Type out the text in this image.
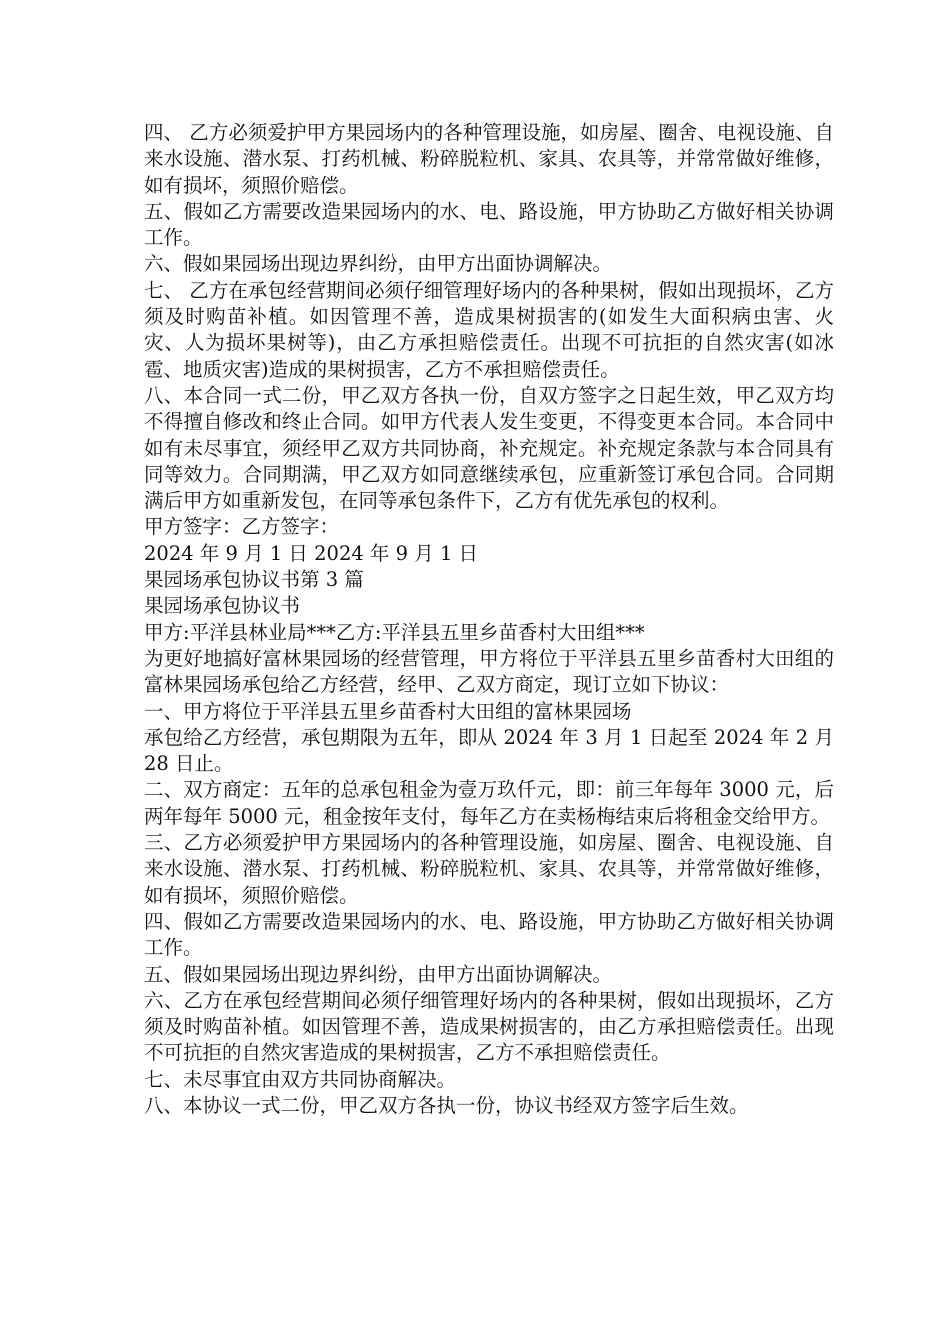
四、 乙方必须爱护甲方果园场内的各种管理设施，如房屋、圈舍、电视设施、自来水设施、潜水泵、打药机械、粉碎脱粒机、家具、农具等，并常常做好维修，如有损坏，须照价赔偿。

五、假如乙方需要改造果园场内的水、电、路设施，甲方协助乙方做好相关协调工作。

六、假如果园场出现边界纠纷，由甲方出面协调解决。

七、 乙方在承包经营期间必须仔细管理好场内的各种果树，假如出现损坏，乙方须及时购苗补植。如因管理不善，造成果树损害的(如发生大面积病虫害、火灾、人为损坏果树等)，由乙方承担赔偿责任。出现不可抗拒的自然灾害(如冰雹、地质灾害)造成的果树损害，乙方不承担赔偿责任。

八、本合同一式二份，甲乙双方各执一份，自双方签字之日起生效，甲乙双方均不得擅自修改和终止合同。如甲方代表人发生变更，不得变更本合同。本合同中如有未尽事宜，须经甲乙双方共同协商，补充规定。补充规定条款与本合同具有同等效力。合同期满，甲乙双方如同意继续承包，应重新签订承包合同。合同期满后甲方如重新发包，在同等承包条件下，乙方有优先承包的权利。

甲方签字：乙方签字：

2024 年 9 月 1 日 2024 年 9 月 1 日

果园场承包协议书第 3 篇

果园场承包协议书

甲方:平洋县林业局***乙方:平洋县五里乡苗香村大田组***

为更好地搞好富林果园场的经营管理，甲方将位于平洋县五里乡苗香村大田组的富林果园场承包给乙方经营，经甲、乙双方商定，现订立如下协议：

一、甲方将位于平洋县五里乡苗香村大田组的富林果园场

承包给乙方经营，承包期限为五年，即从 2024 年 3 月 1 日起至 2024 年 2 月 28 日止。

二、双方商定：五年的总承包租金为壹万玖仟元，即：前三年每年 3000 元，后两年每年 5000 元，租金按年支付，每年乙方在卖杨梅结束后将租金交给甲方。

三、乙方必须爱护甲方果园场内的各种管理设施，如房屋、圈舍、电视设施、自来水设施、潜水泵、打药机械、粉碎脱粒机、家具、农具等，并常常做好维修，如有损坏，须照价赔偿。

四、假如乙方需要改造果园场内的水、电、路设施，甲方协助乙方做好相关协调工作。

五、假如果园场出现边界纠纷，由甲方出面协调解决。

六、乙方在承包经营期间必须仔细管理好场内的各种果树，假如出现损坏，乙方须及时购苗补植。如因管理不善，造成果树损害的，由乙方承担赔偿责任。出现不可抗拒的自然灾害造成的果树损害，乙方不承担赔偿责任。

七、未尽事宜由双方共同协商解决。

八、本协议一式二份，甲乙双方各执一份，协议书经双方签字后生效。
